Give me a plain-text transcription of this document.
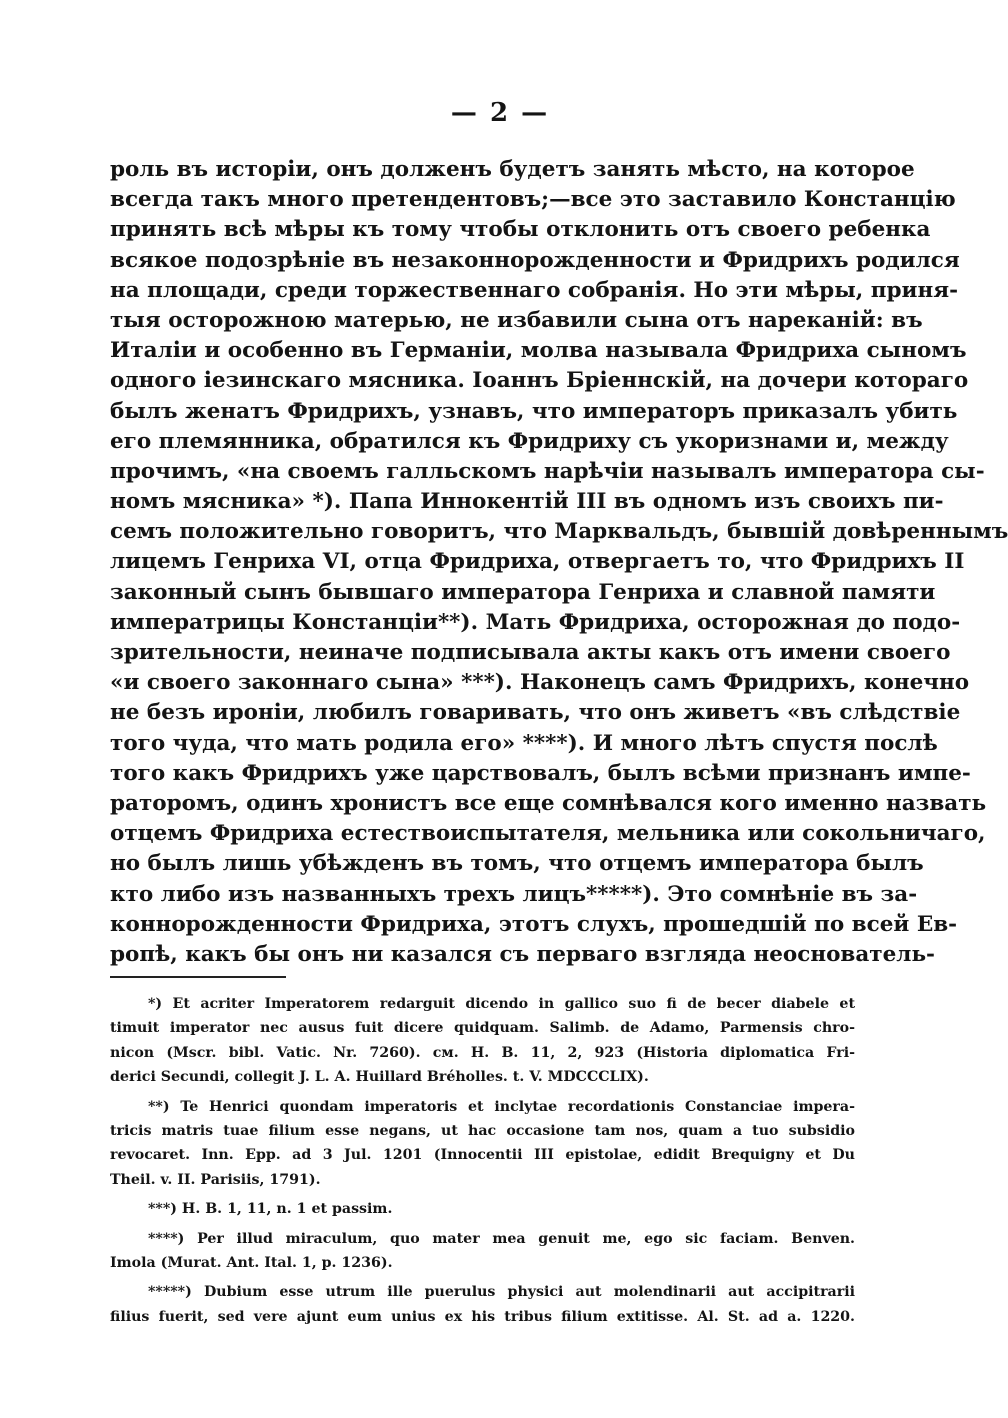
— 2 —
роль въ исторіи, онъ долженъ будетъ занять мѣсто, на которое
всегда такъ много претендентовъ;—все это заставило Констанцію
принять всѣ мѣры къ тому чтобы отклонить отъ своего ребенка
всякое подозрѣніе въ незаконнорожденности и Фридрихъ родился
на площади, среди торжественнаго собранія. Но эти мѣры, приня-
тыя осторожною матерью, не избавили сына отъ нареканій: въ
Италіи и особенно въ Германіи, молва называла Фридриха сыномъ
одного іезинскаго мясника. Іоаннъ Бріеннскій, на дочери котораго
былъ женатъ Фридрихъ, узнавъ, что императоръ приказалъ убить
его племянника, обратился къ Фридриху съ укоризнами и, между
прочимъ, «на своемъ галльскомъ нарѣчіи называлъ императора сы-
номъ мясника» *). Папа Иннокентій III въ одномъ изъ своихъ пи-
семъ положительно говоритъ, что Марквальдъ, бывшій довѣреннымъ
лицемъ Генриха VI, отца Фридриха, отвергаетъ то, что Фридрихъ II
законный сынъ бывшаго императора Генриха и славной памяти
императрицы Констанціи**). Мать Фридриха, осторожная до подо-
зрительности, неиначе подписывала акты какъ отъ имени своего
«и своего законнаго сына» ***). Наконецъ самъ Фридрихъ, конечно
не безъ ироніи, любилъ говаривать, что онъ живетъ «въ слѣдствіе
того чуда, что мать родила его» ****). И много лѣтъ спустя послѣ
того какъ Фридрихъ уже царствовалъ, былъ всѣми признанъ импе-
раторомъ, одинъ хронистъ все еще сомнѣвался кого именно назвать
отцемъ Фридриха естествоиспытателя, мельника или сокольничаго,
но былъ лишь убѣжденъ въ томъ, что отцемъ императора былъ
кто либо изъ названныхъ трехъ лицъ*****). Это сомнѣніе въ за-
коннорожденности Фридриха, этотъ слухъ, прошедшій по всей Ев-
ропѣ, какъ бы онъ ни казался съ перваго взгляда неоснователь-
*) Et acriter Imperatorem redarguit dicendo in gallico suo fi de becer diabele et
timuit imperator nec ausus fuit dicere quidquam. Salimb. de Adamo, Parmensis chro-
nicon (Mscr. bibl. Vatic. Nr. 7260). см. H. B. 11, 2, 923 (Historia diplomatica Fri-
derici Secundi, collegit J. L. A. Huillard Bréholles. t. V. MDCCCLIX).
**) Te Henrici quondam imperatoris et inclytae recordationis Constanciae impera-
tricis matris tuae filium esse negans, ut hac occasione tam nos, quam a tuo subsidio
revocaret. Inn. Epp. ad 3 Jul. 1201 (Innocentii III epistolae, edidit Brequigny et Du
Theil. v. II. Parisiis, 1791).
***) H. B. 1, 11, n. 1 et passim.
****) Per illud miraculum, quo mater mea genuit me, ego sic faciam. Benven.
Imola (Murat. Ant. Ital. 1, p. 1236).
*****) Dubium esse utrum ille puerulus physici aut molendinarii aut accipitrarii
filius fuerit, sed vere ajunt eum unius ex his tribus filium extitisse. Al. St. ad a. 1220.
